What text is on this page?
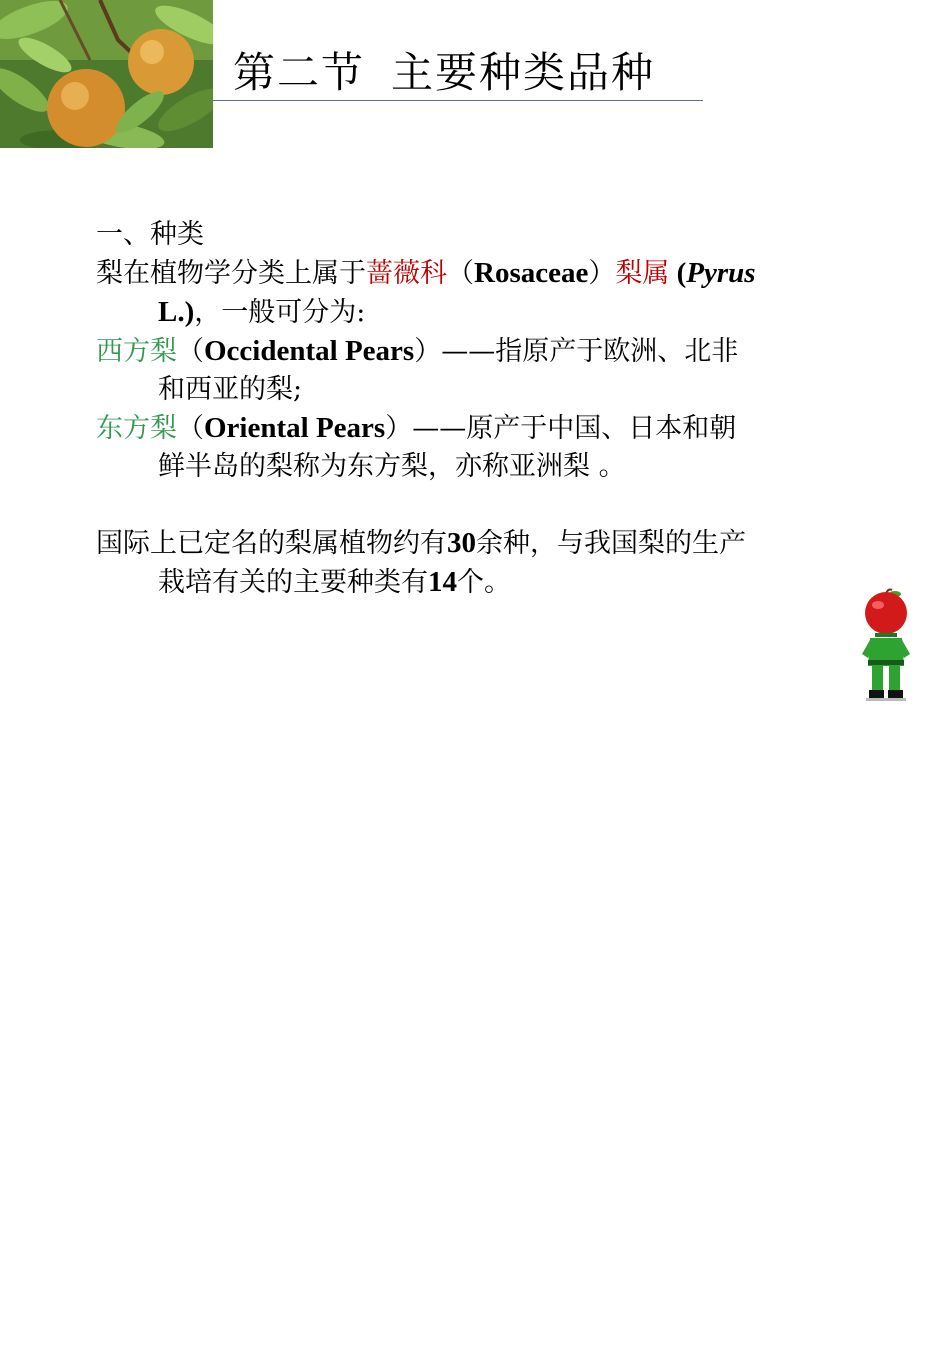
第二节 主要种类品种

一、种类

梨在植物学分类上属于蔷薇科（Rosaceae）梨属 (Pyrus
L.)，一般可分为:

西方梨（Occidental Pears）——指原产于欧洲、北非
和西亚的梨;

东方梨（Oriental Pears）——原产于中国、日本和朝
鲜半岛的梨称为东方梨，亦称亚洲梨 。

国际上已定名的梨属植物约有30余种，与我国梨的生产
栽培有关的主要种类有14个。
